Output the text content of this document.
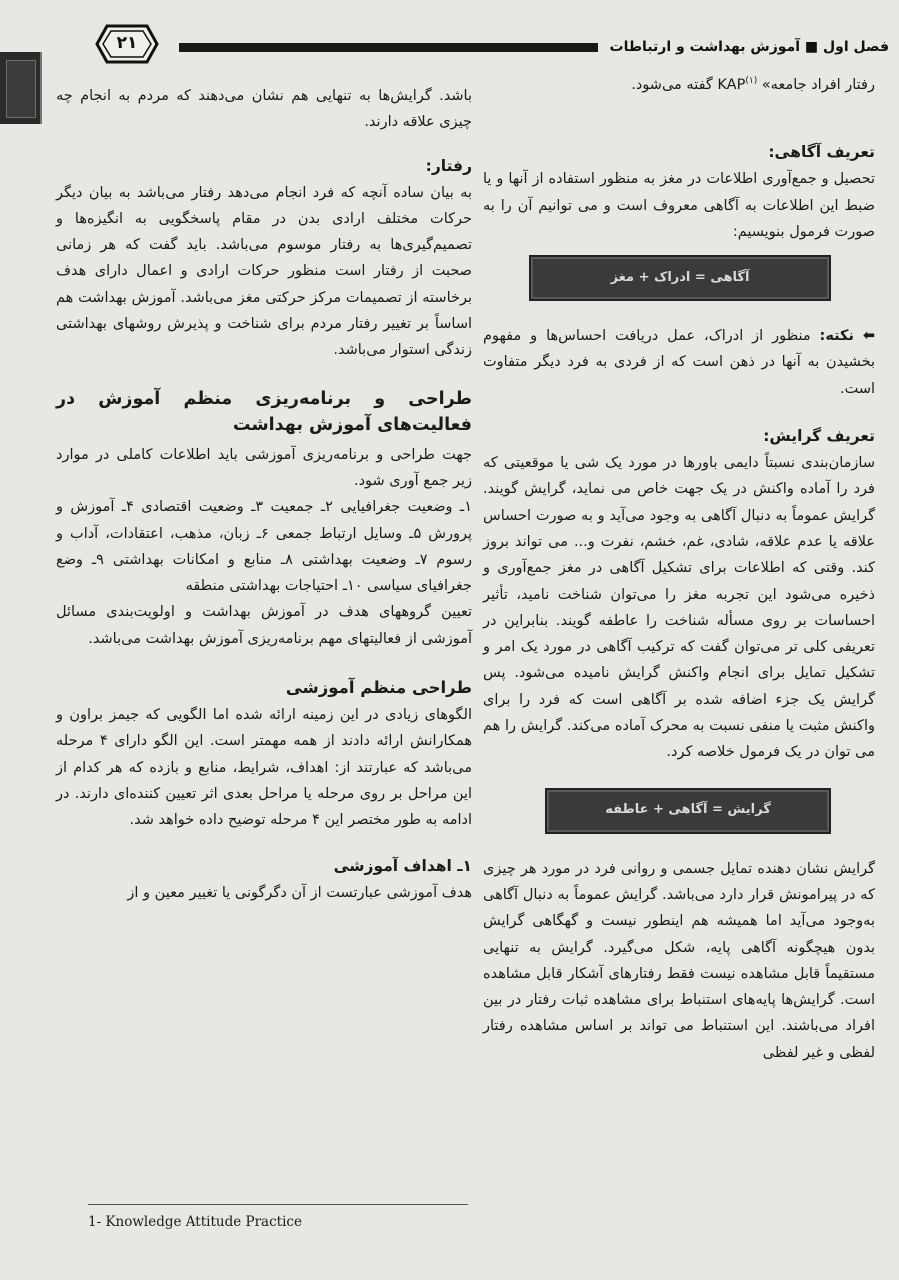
۲۱	فصل اول ■ آموزش بهداشت و ارتباطات

رفتار افراد جامعه» KAP$^{(۱)}$ گفته می‌شود.

تعریف آگاهی:

تحصیل و جمع‌آوری اطلاعات در مغز به منظور استفاده از آنها و یا ضبط این اطلاعات به آگاهی معروف است و می توانیم آن را به صورت فرمول بنویسیم:

آگاهی = ادراک + مغز

⬅ نکته: منظور از ادراک، عمل دریافت احساس‌ها و مفهوم بخشیدن به آنها در ذهن است که از فردی به فرد دیگر متفاوت است.

تعریف گرایش:

سازمان‌بندی نسبتاً دایمی باورها در مورد یک شی یا موقعیتی که فرد را آماده واکنش در یک جهت خاص می نماید، گرایش گویند. گرایش عموماً به دنبال آگاهی به وجود می‌آید و به صورت احساس علاقه یا عدم علاقه، شادی، غم، خشم، نفرت و... می تواند بروز کند. وقتی که اطلاعات برای تشکیل آگاهی در مغز جمع‌آوری و ذخیره می‌شود این تجربه مغز را می‌توان شناخت نامید، تأثیر احساسات بر روی مسأله شناخت را عاطفه گویند. بنابراین در تعریفی کلی تر می‌توان گفت که ترکیب آگاهی در مورد یک امر و تشکیل تمایل برای انجام واکنش گرایش نامیده می‌شود. پس گرایش یک جزء اضافه شده بر آگاهی است که فرد را برای واکنش مثبت یا منفی نسبت به محرک آماده می‌کند. گرایش را هم می توان در یک فرمول خلاصه کرد.

گرایش = آگاهی + عاطفه

گرایش نشان دهنده تمایل جسمی و روانی فرد در مورد هر چیزی که در پیرامونش قرار دارد می‌باشد. گرایش عموماً به دنبال آگاهی به‌وجود می‌آید اما همیشه هم اینطور نیست و گهگاهی گرایش بدون هیچگونه آگاهی پایه، شکل می‌گیرد. گرایش به تنهایی مستقیماً قابل مشاهده نیست فقط رفتارهای آشکار قابل مشاهده است. گرایش‌ها پایه‌های استنباط برای مشاهده ثبات رفتار در بین افراد می‌باشند. این استنباط می تواند بر اساس مشاهده رفتار لفظی و غیر لفظی

باشد. گرایش‌ها به تنهایی هم نشان می‌دهند که مردم به انجام چه چیزی علاقه دارند.

رفتار:

به بیان ساده آنچه که فرد انجام می‌دهد رفتار می‌باشد به بیان دیگر حرکات مختلف ارادی بدن در مقام پاسخگویی به انگیزه‌ها و تصمیم‌گیری‌ها به رفتار موسوم می‌باشد. باید گفت که هر زمانی صحبت از رفتار است منظور حرکات ارادی و اعمال دارای هدف برخاسته از تصمیمات مرکز حرکتی مغز می‌باشد. آموزش بهداشت هم اساساً بر تغییر رفتار مردم برای شناخت و پذیرش روشهای بهداشتی زندگی استوار می‌باشد.

طراحی و برنامه‌ریزی منظم آموزش در فعالیت‌های آموزش بهداشت

جهت طراحی و برنامه‌ریزی آموزشی باید اطلاعات کاملی در موارد زیر جمع آوری شود.

۱ـ وضعیت جغرافیایی ۲ـ جمعیت ۳ـ وضعیت اقتصادی ۴ـ آموزش و پرورش ۵ـ وسایل ارتباط جمعی ۶ـ زبان، مذهب، اعتقادات، آداب و رسوم ۷ـ وضعیت بهداشتی ۸ـ منابع و امکانات بهداشتی ۹ـ وضع جغرافیای سیاسی ۱۰ـ احتیاجات بهداشتی منطقه

تعیین گروههای هدف در آموزش بهداشت و اولویت‌بندی مسائل آموزشی از فعالیتهای مهم برنامه‌ریزی آموزش بهداشت می‌باشد.

طراحی منظم آموزشی

الگوهای زیادی در این زمینه ارائه شده اما الگویی که جیمز براون و همکارانش ارائه دادند از همه مهمتر است. این الگو دارای ۴ مرحله می‌باشد که عبارتند از: اهداف، شرایط، منابع و بازده که هر کدام از این مراحل بر روی مرحله یا مراحل بعدی اثر تعیین کننده‌ای دارند. در ادامه به طور مختصر این ۴ مرحله توضیح داده خواهد شد.

۱ـ اهداف آموزشی

هدف آموزشی عبارتست از آن دگرگونی یا تغییر معین و از

1- Knowledge Attitude Practice
